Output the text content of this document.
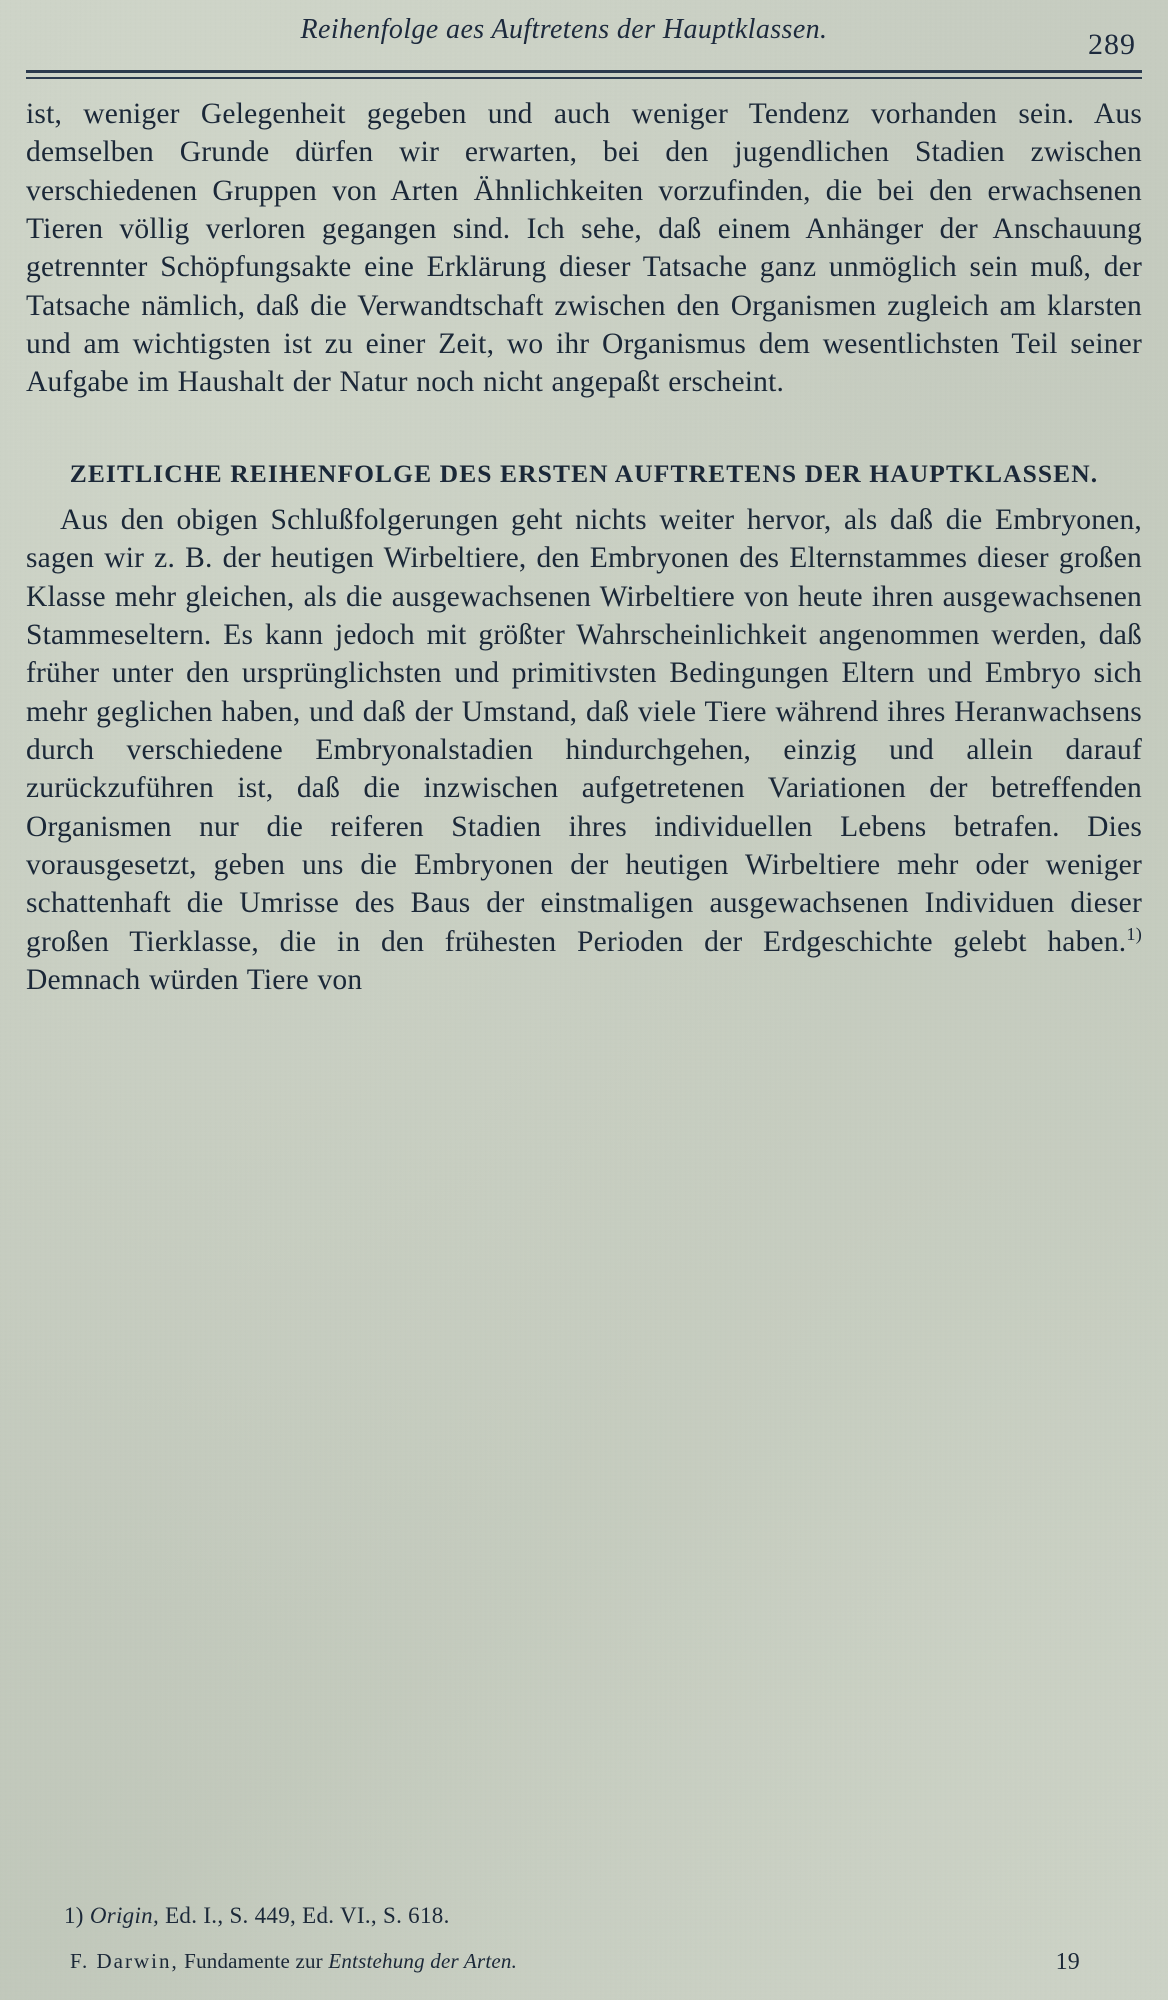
Reihenfolge aes Auftretens der Hauptklassen.	289

ist, weniger Gelegenheit gegeben und auch weniger Tendenz vorhanden sein. Aus demselben Grunde dürfen wir erwarten, bei den jugendlichen Stadien zwischen verschiedenen Gruppen von Arten Ähnlichkeiten vorzufinden, die bei den erwachsenen Tieren völlig verloren gegangen sind. Ich sehe, daß einem Anhänger der Anschauung getrennter Schöpfungsakte eine Erklärung dieser Tatsache ganz unmöglich sein muß, der Tatsache nämlich, daß die Verwandtschaft zwischen den Organismen zugleich am klarsten und am wichtigsten ist zu einer Zeit, wo ihr Organismus dem wesentlichsten Teil seiner Aufgabe im Haushalt der Natur noch nicht angepaßt erscheint.

ZEITLICHE REIHENFOLGE DES ERSTEN AUFTRETENS DER HAUPTKLASSEN.

Aus den obigen Schlußfolgerungen geht nichts weiter hervor, als daß die Embryonen, sagen wir z. B. der heutigen Wirbeltiere, den Embryonen des Elternstammes dieser großen Klasse mehr gleichen, als die ausgewachsenen Wirbeltiere von heute ihren ausgewachsenen Stammeseltern. Es kann jedoch mit größter Wahrscheinlichkeit angenommen werden, daß früher unter den ursprünglichsten und primitivsten Bedingungen Eltern und Embryo sich mehr geglichen haben, und daß der Umstand, daß viele Tiere während ihres Heranwachsens durch verschiedene Embryonalstadien hindurchgehen, einzig und allein darauf zurückzuführen ist, daß die inzwischen aufgetretenen Variationen der betreffenden Organismen nur die reiferen Stadien ihres individuellen Lebens betrafen. Dies vorausgesetzt, geben uns die Embryonen der heutigen Wirbeltiere mehr oder weniger schattenhaft die Umrisse des Baus der einstmaligen ausgewachsenen Individuen dieser großen Tierklasse, die in den frühesten Perioden der Erdgeschichte gelebt haben.$^{1)}$ Demnach würden Tiere von

1) Origin, Ed. I., S. 449, Ed. VI., S. 618.
F. Darwin, Fundamente zur Entstehung der Arten.	19
